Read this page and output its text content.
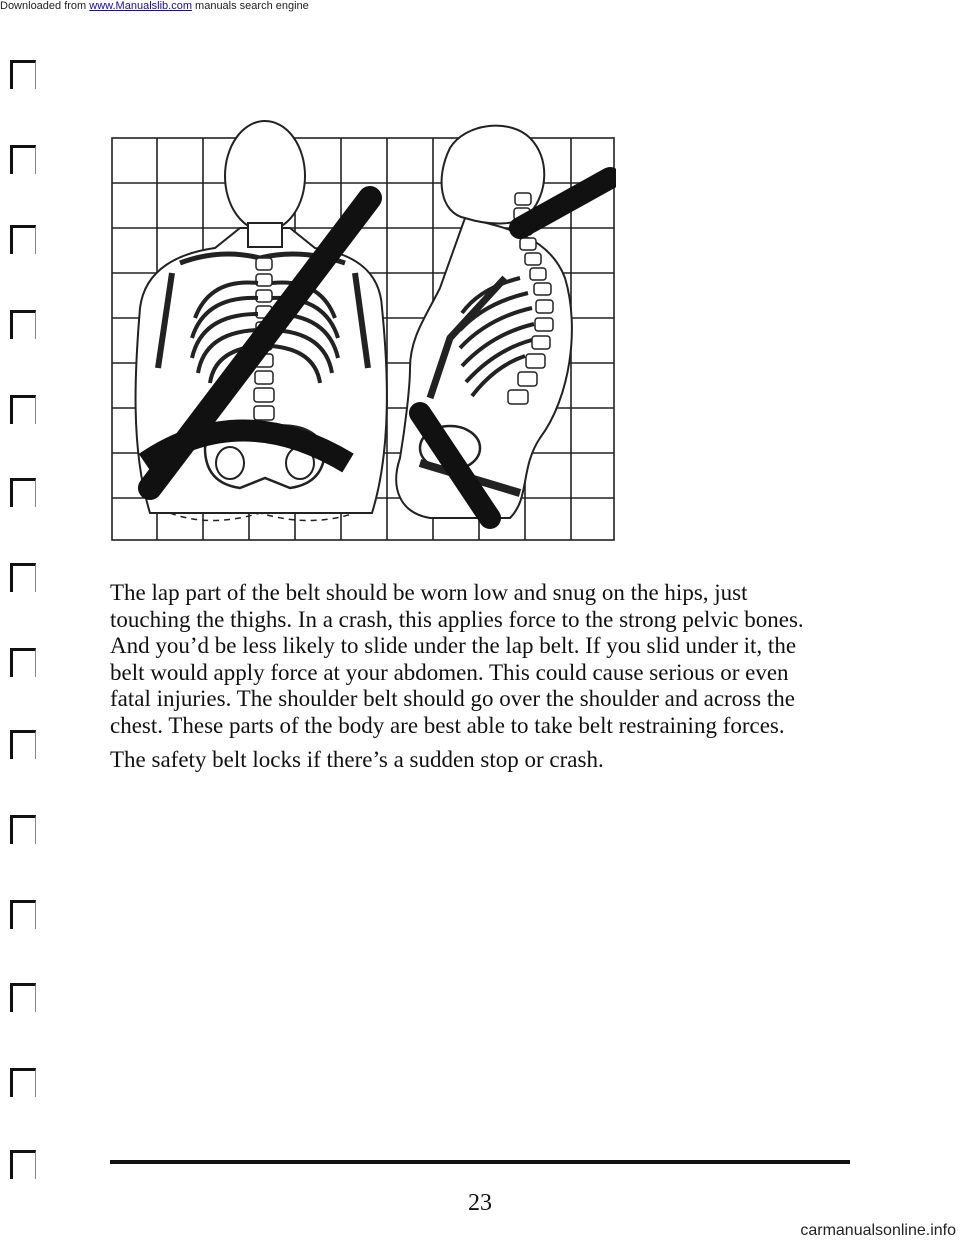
Downloaded from www.Manualslib.com manuals search engine

The lap part of the belt should be worn low and snug on the hips, just touching the thighs. In a crash, this applies force to the strong pelvic bones. And you’d be less likely to slide under the lap belt. If you slid under it, the belt would apply force at your abdomen. This could cause serious or even fatal injuries. The shoulder belt should go over the shoulder and across the chest. These parts of the body are best able to take belt restraining forces.

The safety belt locks if there’s a sudden stop or crash.

23
carmanualsonline.info
